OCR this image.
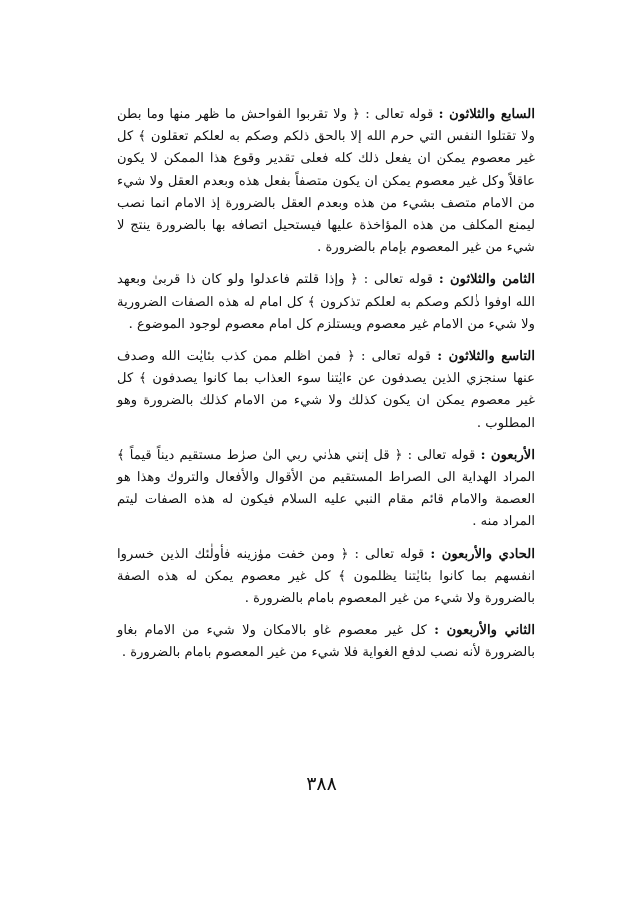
السابع والثلاثون : قوله تعالى : ﴿ ولا تقربوا الفواحش ما ظهر منها وما بطن ولا تقتلوا النفس التي حرم الله إلا بالحق ذلكم وصكم به لعلكم تعقلون ﴾ كل غير معصوم يمكن ان يفعل ذلك كله فعلى تقدير وقوع هذا الممكن لا يكون عاقلاً وكل غير معصوم يمكن ان يكون متصفاً بفعل هذه وبعدم العقل ولا شيء من الامام متصف بشيء من هذه وبعدم العقل بالضرورة إذ الامام انما نصب ليمنع المكلف من هذه المؤاخذة عليها فيستحيل اتصافه بها بالضرورة ينتج لا شيء من غير المعصوم بإمام بالضرورة .

الثامن والثلاثون : قوله تعالى : ﴿ وإذا قلتم فاعدلوا ولو كان ذا قربىٰ وبعهد الله اوفوا ذٰلكم وصكم به لعلكم تذكرون ﴾ كل امام له هذه الصفات الضرورية ولا شيء من الامام غير معصوم ويستلزم كل امام معصوم لوجود الموضوع .

التاسع والثلاثون : قوله تعالى : ﴿ فمن اظلم ممن كذب بئايٰت الله وصدف عنها سنجزي الذين يصدفون عن ءايٰتنا سوء العذاب بما كانوا يصدفون ﴾ كل غير معصوم يمكن ان يكون كذلك ولا شيء من الامام كذلك بالضرورة وهو المطلوب .

الأربعون : قوله تعالى : ﴿ قل إنني هدٰني ربي الىٰ صرٰط مستقيم ديناً قيماً ﴾ المراد الهداية الى الصراط المستقيم من الأقوال والأفعال والتروك وهذا هو العصمة والامام قائم مقام النبي عليه السلام فيكون له هذه الصفات ليتم المراد منه .

الحادي والأربعون : قوله تعالى : ﴿ ومن خفت موٰزينه فأولٰئك الذين خسروا انفسهم بما كانوا بئايٰتنا يظلمون ﴾ كل غير معصوم يمكن له هذه الصفة بالضرورة ولا شيء من غير المعصوم بامام بالضرورة .

الثاني والأربعون : كل غير معصوم غاو بالامكان ولا شيء من الامام بغاو بالضرورة لأنه نصب لدفع الغواية فلا شيء من غير المعصوم بامام بالضرورة .

٣٨٨
